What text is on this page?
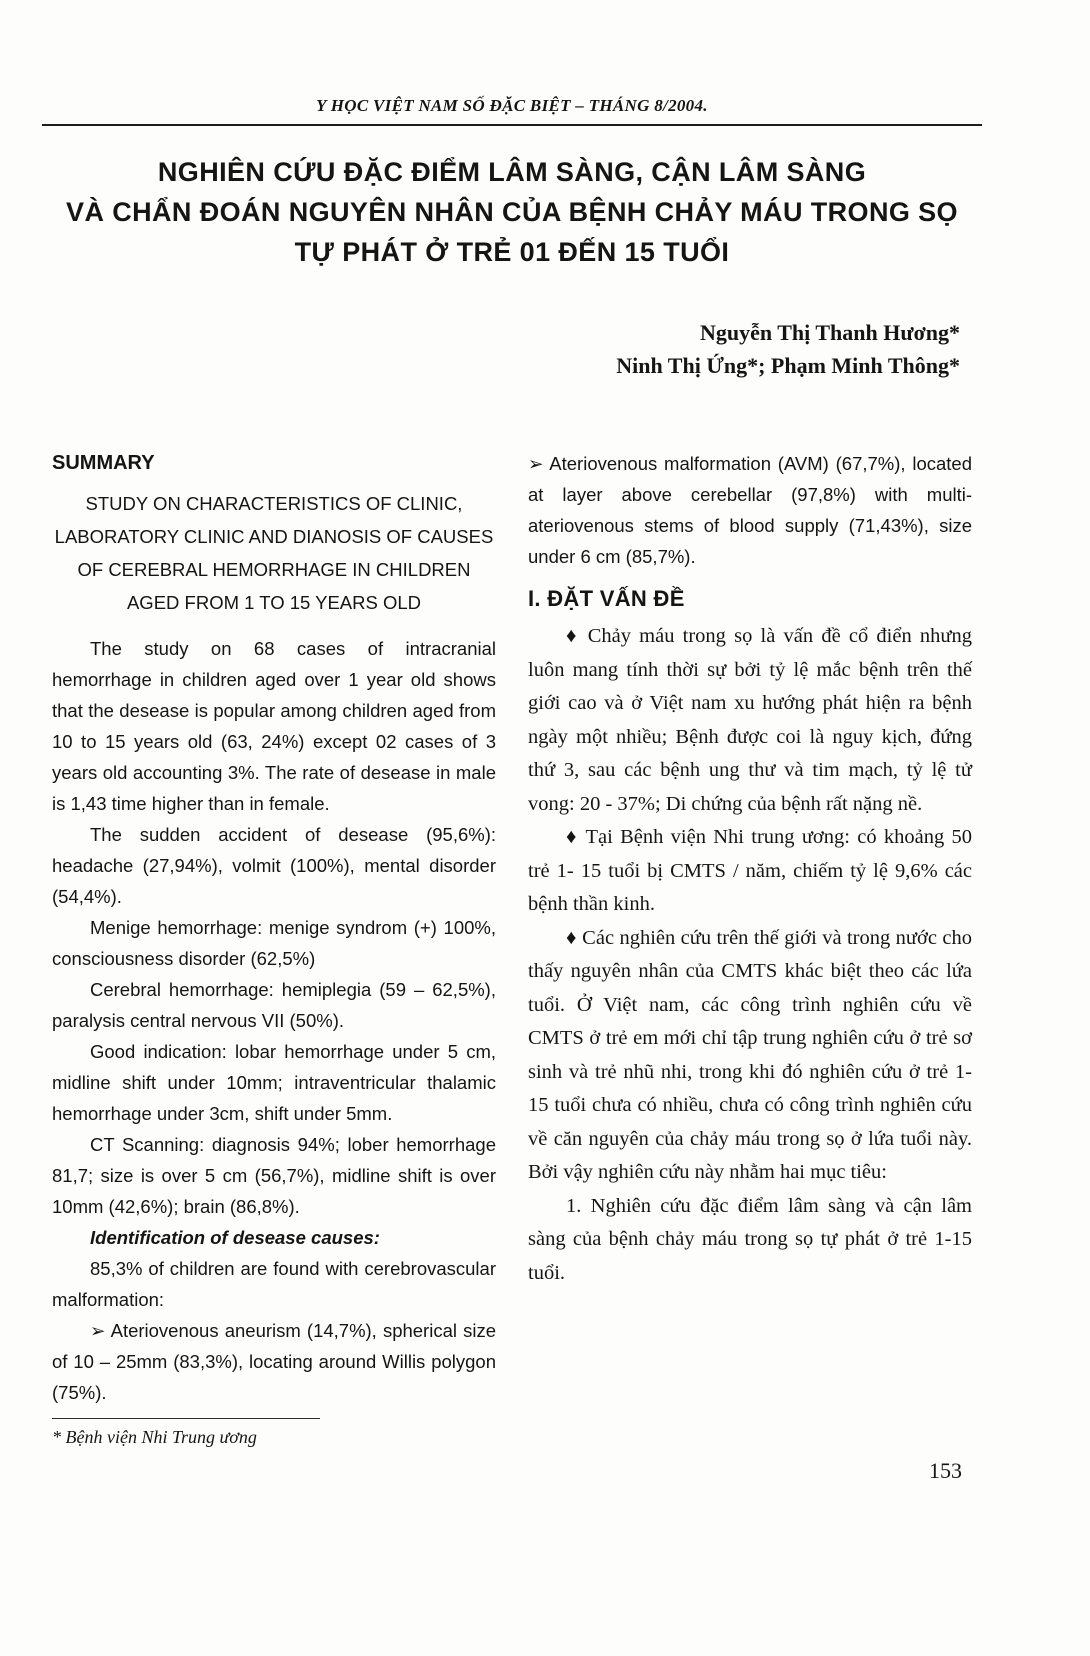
Y HỌC VIỆT NAM SỐ ĐẶC BIỆT – THÁNG 8/2004.
NGHIÊN CỨU ĐẶC ĐIỂM LÂM SÀNG, CẬN LÂM SÀNG
VÀ CHẨN ĐOÁN NGUYÊN NHÂN CỦA BỆNH CHẢY MÁU TRONG SỌ
TỰ PHÁT Ở TRẺ 01 ĐẾN 15 TUỔI
Nguyễn Thị Thanh Hương*
Ninh Thị Ứng*; Phạm Minh Thông*

SUMMARY

STUDY ON CHARACTERISTICS OF CLINIC, LABORATORY CLINIC AND DIANOSIS OF CAUSES OF CEREBRAL HEMORRHAGE IN CHILDREN AGED FROM 1 TO 15 YEARS OLD

The study on 68 cases of intracranial hemorrhage in children aged over 1 year old shows that the desease is popular among children aged from 10 to 15 years old (63, 24%) except 02 cases of 3 years old accounting 3%. The rate of desease in male is 1,43 time higher than in female.

The sudden accident of desease (95,6%): headache (27,94%), volmit (100%), mental disorder (54,4%).

Menige hemorrhage: menige syndrom (+) 100%, consciousness disorder (62,5%)

Cerebral hemorrhage: hemiplegia (59 – 62,5%), paralysis central nervous VII (50%).

Good indication: lobar hemorrhage under 5 cm, midline shift under 10mm; intraventricular thalamic hemorrhage under 3cm, shift under 5mm.

CT Scanning: diagnosis 94%; lober hemorrhage 81,7; size is over 5 cm (56,7%), midline shift is over 10mm (42,6%); brain (86,8%).

Identification of desease causes:

85,3% of children are found with cerebrovascular malformation:

➢ Ateriovenous aneurism (14,7%), spherical size of 10 – 25mm (83,3%), locating around Willis polygon (75%).

➢ Ateriovenous malformation (AVM) (67,7%), located at layer above cerebellar (97,8%) with multi-ateriovenous stems of blood supply (71,43%), size under 6 cm (85,7%).

I. ĐẶT VẤN ĐỀ

♦ Chảy máu trong sọ là vấn đề cổ điển nhưng luôn mang tính thời sự bởi tỷ lệ mắc bệnh trên thế giới cao và ở Việt nam xu hướng phát hiện ra bệnh ngày một nhiều; Bệnh được coi là nguy kịch, đứng thứ 3, sau các bệnh ung thư và tim mạch, tỷ lệ tử vong: 20 - 37%; Di chứng của bệnh rất nặng nề.

♦ Tại Bệnh viện Nhi trung ương: có khoảng 50 trẻ 1- 15 tuổi bị CMTS / năm, chiếm tỷ lệ 9,6% các bệnh thần kinh.

♦ Các nghiên cứu trên thế giới và trong nước cho thấy nguyên nhân của CMTS khác biệt theo các lứa tuổi. Ở Việt nam, các công trình nghiên cứu về CMTS ở trẻ em mới chỉ tập trung nghiên cứu ở trẻ sơ sinh và trẻ nhũ nhi, trong khi đó nghiên cứu ở trẻ 1-15 tuổi chưa có nhiều, chưa có công trình nghiên cứu về căn nguyên của chảy máu trong sọ ở lứa tuổi này. Bởi vậy nghiên cứu này nhằm hai mục tiêu:

1. Nghiên cứu đặc điểm lâm sàng và cận lâm sàng của bệnh chảy máu trong sọ tự phát ở trẻ 1-15 tuổi.

* Bệnh viện Nhi Trung ương
153
